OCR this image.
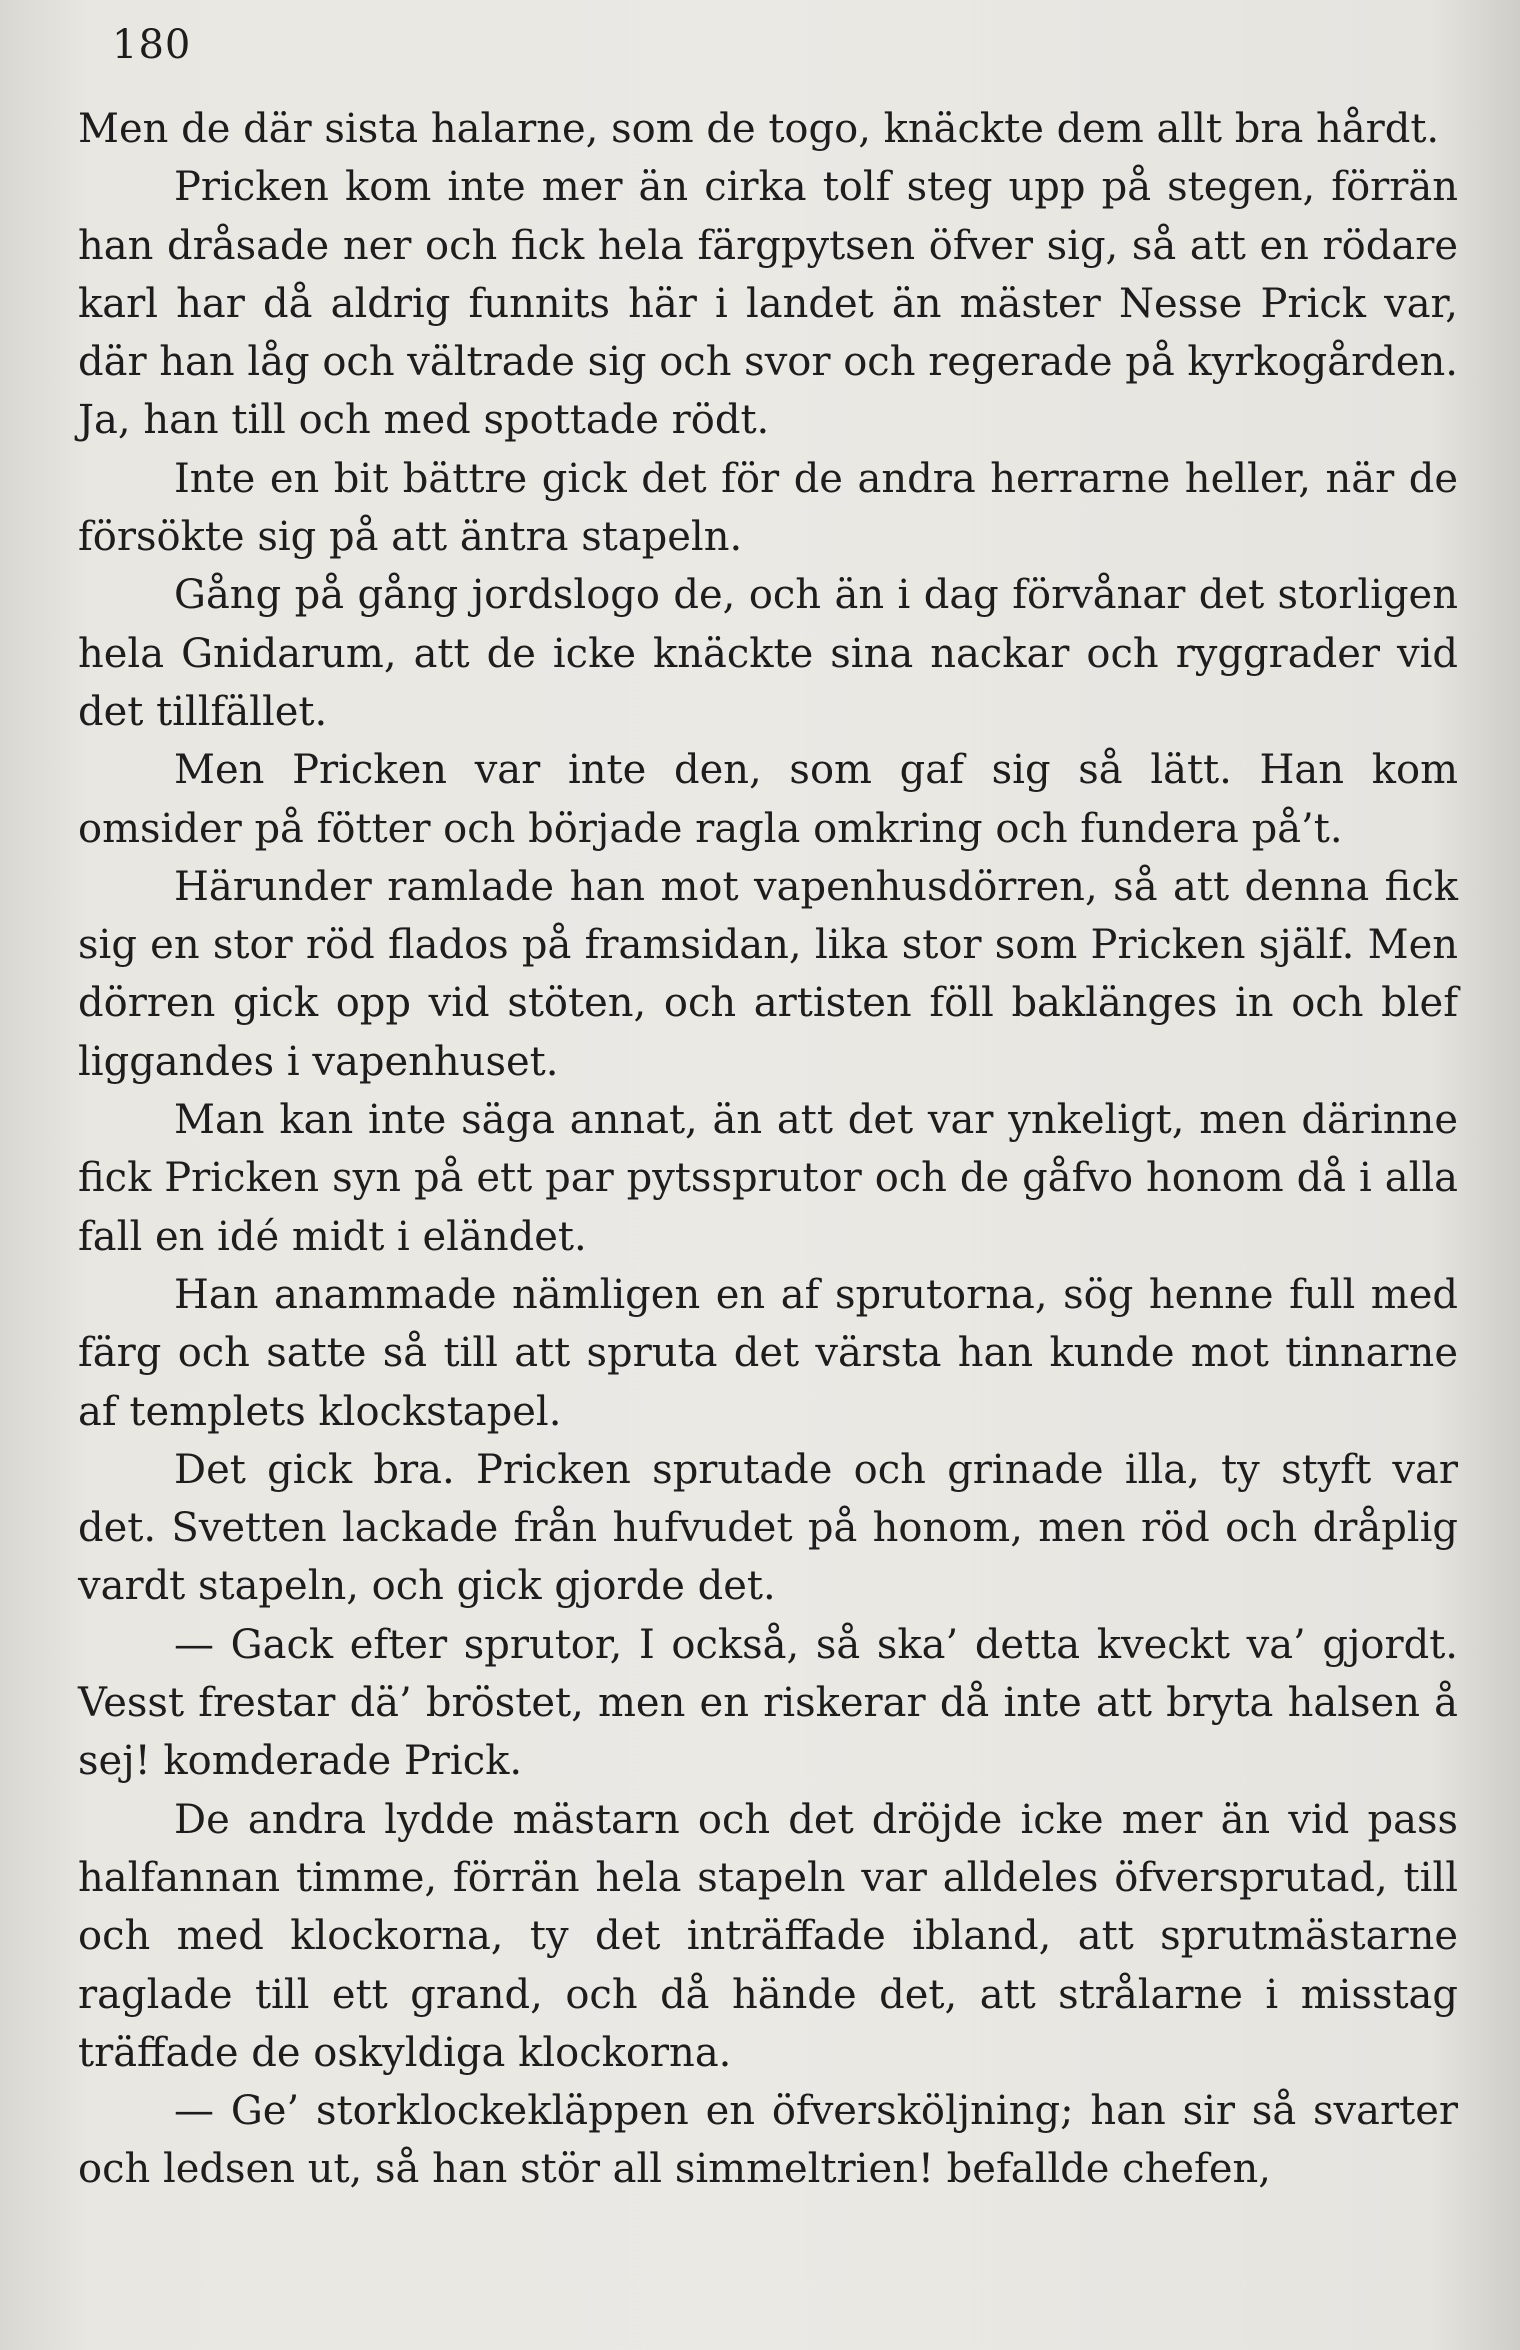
180

Men de där sista halarne, som de togo, knäckte dem allt bra hårdt.

Pricken kom inte mer än cirka tolf steg upp på stegen, förrän han dråsade ner och fick hela färgpytsen öfver sig, så att en rödare karl har då aldrig funnits här i landet än mäster Nesse Prick var, där han låg och vältrade sig och svor och regerade på kyrkogården. Ja, han till och med spottade rödt.

Inte en bit bättre gick det för de andra herrarne heller, när de försökte sig på att äntra stapeln.

Gång på gång jordslogo de, och än i dag förvånar det storligen hela Gnidarum, att de icke knäckte sina nackar och ryggrader vid det tillfället.

Men Pricken var inte den, som gaf sig så lätt. Han kom omsider på fötter och började ragla omkring och fundera på’t.

Härunder ramlade han mot vapenhusdörren, så att denna fick sig en stor röd flados på framsidan, lika stor som Pricken själf. Men dörren gick opp vid stöten, och artisten föll baklänges in och blef liggandes i vapenhuset.

Man kan inte säga annat, än att det var ynkeligt, men därinne fick Pricken syn på ett par pytssprutor och de gåfvo honom då i alla fall en idé midt i eländet.

Han anammade nämligen en af sprutorna, sög henne full med färg och satte så till att spruta det värsta han kunde mot tinnarne af templets klockstapel.

Det gick bra. Pricken sprutade och grinade illa, ty styft var det. Svetten lackade från hufvudet på honom, men röd och dråplig vardt stapeln, och gick gjorde det.

— Gack efter sprutor, I också, så ska’ detta kveckt va’ gjordt. Vesst frestar dä’ bröstet, men en riskerar då inte att bryta halsen å sej! komderade Prick.

De andra lydde mästarn och det dröjde icke mer än vid pass halfannan timme, förrän hela stapeln var alldeles öfversprutad, till och med klockorna, ty det inträffade ibland, att sprutmästarne raglade till ett grand, och då hände det, att strålarne i misstag träffade de oskyldiga klockorna.

— Ge’ storklockekläppen en öfversköljning; han sir så svarter och ledsen ut, så han stör all simmeltrien! befallde chefen,
